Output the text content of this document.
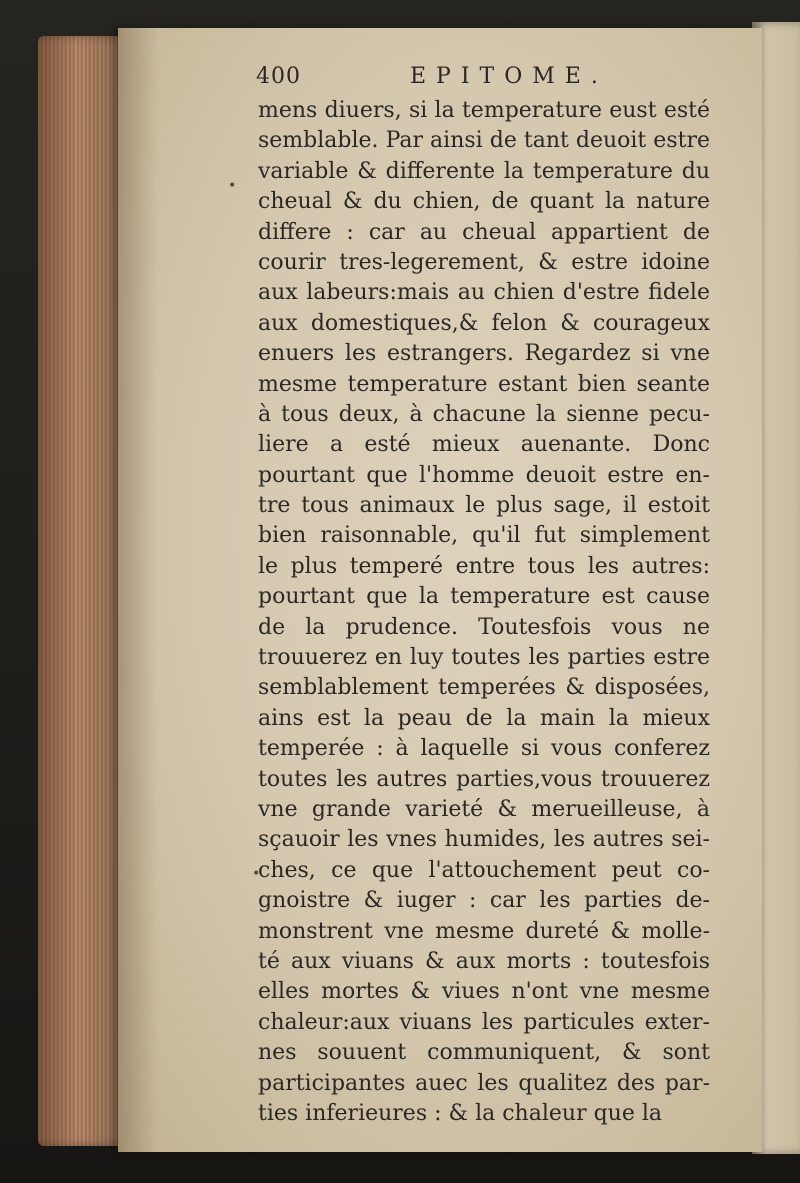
400	EPITOME.
mens diuers, si la temperature eust esté
semblable. Par ainsi de tant deuoit estre
variable & differente la temperature du
cheual & du chien, de quant la nature
differe : car au cheual appartient de
courir tres-legerement, & estre idoine
aux labeurs:mais au chien d'estre fidele
aux domestiques,& felon & courageux
enuers les estrangers. Regardez si vne
mesme temperature estant bien seante
à tous deux, à chacune la sienne pecu-
liere a esté mieux auenante. Donc
pourtant que l'homme deuoit estre en-
tre tous animaux le plus sage, il estoit
bien raisonnable, qu'il fut simplement
le plus temperé entre tous les autres:
pourtant que la temperature est cause
de la prudence. Toutesfois vous ne
trouuerez en luy toutes les parties estre
semblablement temperées & disposées,
ains est la peau de la main la mieux
temperée : à laquelle si vous conferez
toutes les autres parties,vous trouuerez
vne grande varieté & merueilleuse, à
sçauoir les vnes humides, les autres sei-
ches, ce que l'attouchement peut co-
gnoistre & iuger : car les parties de-
monstrent vne mesme dureté & molle-
té aux viuans & aux morts : toutesfois
elles mortes & viues n'ont vne mesme
chaleur:aux viuans les particules exter-
nes souuent communiquent, & sont
participantes auec les qualitez des par-
ties inferieures : & la chaleur que la
•
•
